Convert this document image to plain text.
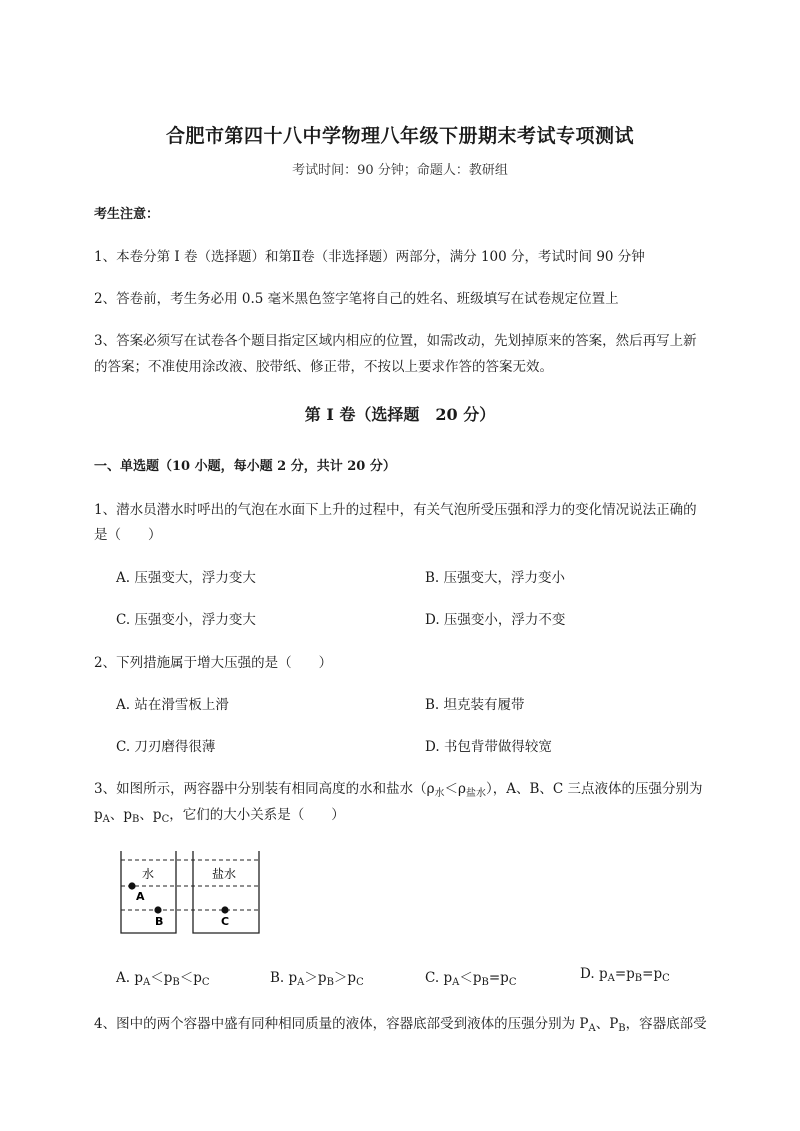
合肥市第四十八中学物理八年级下册期末考试专项测试
考试时间：90 分钟；命题人：教研组
考生注意：
1、本卷分第 I 卷（选择题）和第Ⅱ卷（非选择题）两部分，满分 100 分，考试时间 90 分钟
2、答卷前，考生务必用 0.5 毫米黑色签字笔将自己的姓名、班级填写在试卷规定位置上
3、答案必须写在试卷各个题目指定区域内相应的位置，如需改动，先划掉原来的答案，然后再写上新
的答案；不准使用涂改液、胶带纸、修正带，不按以上要求作答的答案无效。
第 I 卷（选择题　20 分）
一、单选题（10 小题，每小题 2 分，共计 20 分）
1、潜水员潜水时呼出的气泡在水面下上升的过程中，有关气泡所受压强和浮力的变化情况说法正确的
是（　　）
A. 压强变大，浮力变大	B. 压强变大，浮力变小
C. 压强变小，浮力变大	D. 压强变小，浮力不变
2、下列措施属于增大压强的是（　　）
A. 站在滑雪板上滑	B. 坦克装有履带
C. 刀刃磨得很薄	D. 书包背带做得较宽
3、如图所示，两容器中分别装有相同高度的水和盐水$(\rho_水<\rho_{盐水})$，A、B、C 三点液体的压强分别为
$p_A$、$p_B$、$p_C$，它们的大小关系是（　　）
水	盐水
A
B	C
A. $p_A<p_B<p_C$	B. $p_A>p_B>p_C$	C. $p_A<p_B=p_C$
D. $p_A=p_B=p_C$
4、图中的两个容器中盛有同种相同质量的液体，容器底部受到液体的压强分别为 $P_A$、$P_B$，容器底部受
